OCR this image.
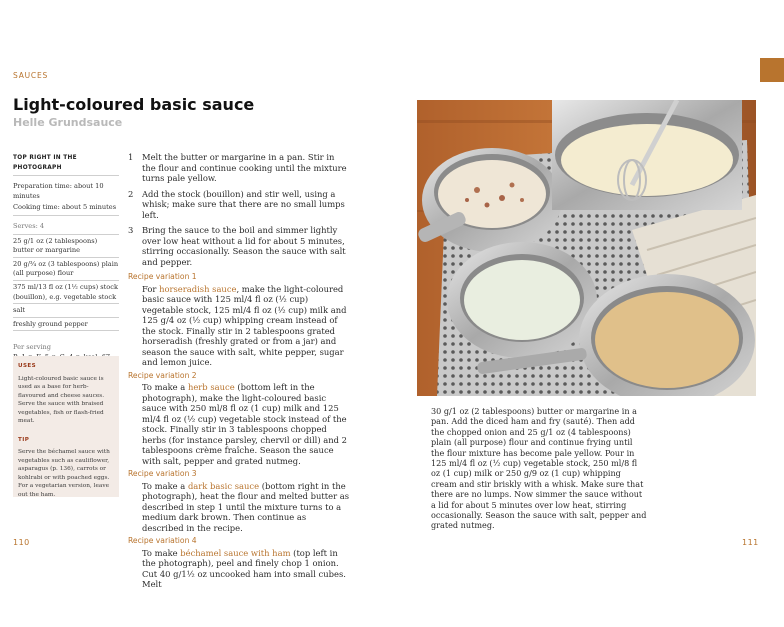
SAUCES
Light-coloured basic sauce
Helle Grundsauce
TOP RIGHT IN THE PHOTOGRAPH
Preparation time: about 10 minutes
Cooking time: about 5 minutes
Serves: 4
25 g/1 oz (2 tablespoons) butter or margarine
20 g/¾ oz (3 tablespoons) plain (all purpose) flour
375 ml/13 fl oz (1½ cups) stock (bouillon), e.g. vegetable stock
salt
freshly ground pepper
Per serving
USES
Light-coloured basic sauce is used as a base for herb-flavoured and cheese sauces. Serve the sauce with braised vegetables, fish or flash-fried meat.
TIP
Serve the béchamel sauce with vegetables such as cauliflower, asparagus (p. 136), carrots or kohlrabi or with poached eggs. For a vegetarian version, leave out the ham.
1 Melt the butter or margarine in a pan. Stir in the flour and continue cooking until the mixture turns pale yellow.
2 Add the stock (bouillon) and stir well, using a whisk; make sure that there are no small lumps left.
3 Bring the sauce to the boil and simmer lightly over low heat without a lid for about 5 minutes, stirring occasionally. Season the sauce with salt and pepper.
Recipe variation 1
For horseradish sauce, make the light-coloured basic sauce with 125 ml/4 fl oz (½ cup) vegetable stock, 125 ml/4 fl oz (½ cup) milk and 125 g/4 oz (½ cup) whipping cream instead of the stock. Finally stir in 2 tablespoons grated horseradish (freshly grated or from a jar) and season the sauce with salt, white pepper, sugar and lemon juice.
Recipe variation 2
To make a herb sauce (bottom left in the photograph), make the light-coloured basic sauce with 250 ml/8 fl oz (1 cup) milk and 125 ml/4 fl oz (½ cup) vegetable stock instead of the stock. Finally stir in 3 tablespoons chopped herbs (for instance parsley, chervil or dill) and 2 tablespoons crème fraîche. Season the sauce with salt, pepper and grated nutmeg.
Recipe variation 3
To make a dark basic sauce (bottom right in the photograph), heat the flour and melted butter as described in step 1 until the mixture turns to a medium dark brown. Then continue as described in the recipe.
Recipe variation 4
To make béchamel sauce with ham (top left in the photograph), peel and finely chop 1 onion. Cut 40 g/1½ oz uncooked ham into small cubes. Melt
30 g/1 oz (2 tablespoons) butter or margarine in a pan. Add the diced ham and fry (sauté). Then add the chopped onion and 25 g/1 oz (4 tablespoons) plain (all purpose) flour and continue frying until the flour mixture has become pale yellow. Pour in 125 ml/4 fl oz (½ cup) vegetable stock, 250 ml/8 fl oz (1 cup) milk or 250 g/9 oz (1 cup) whipping cream and stir briskly with a whisk. Make sure that there are no lumps. Now simmer the sauce without a lid for about 5 minutes over low heat, stirring occasionally. Season the sauce with salt, pepper and grated nutmeg.
110	111
